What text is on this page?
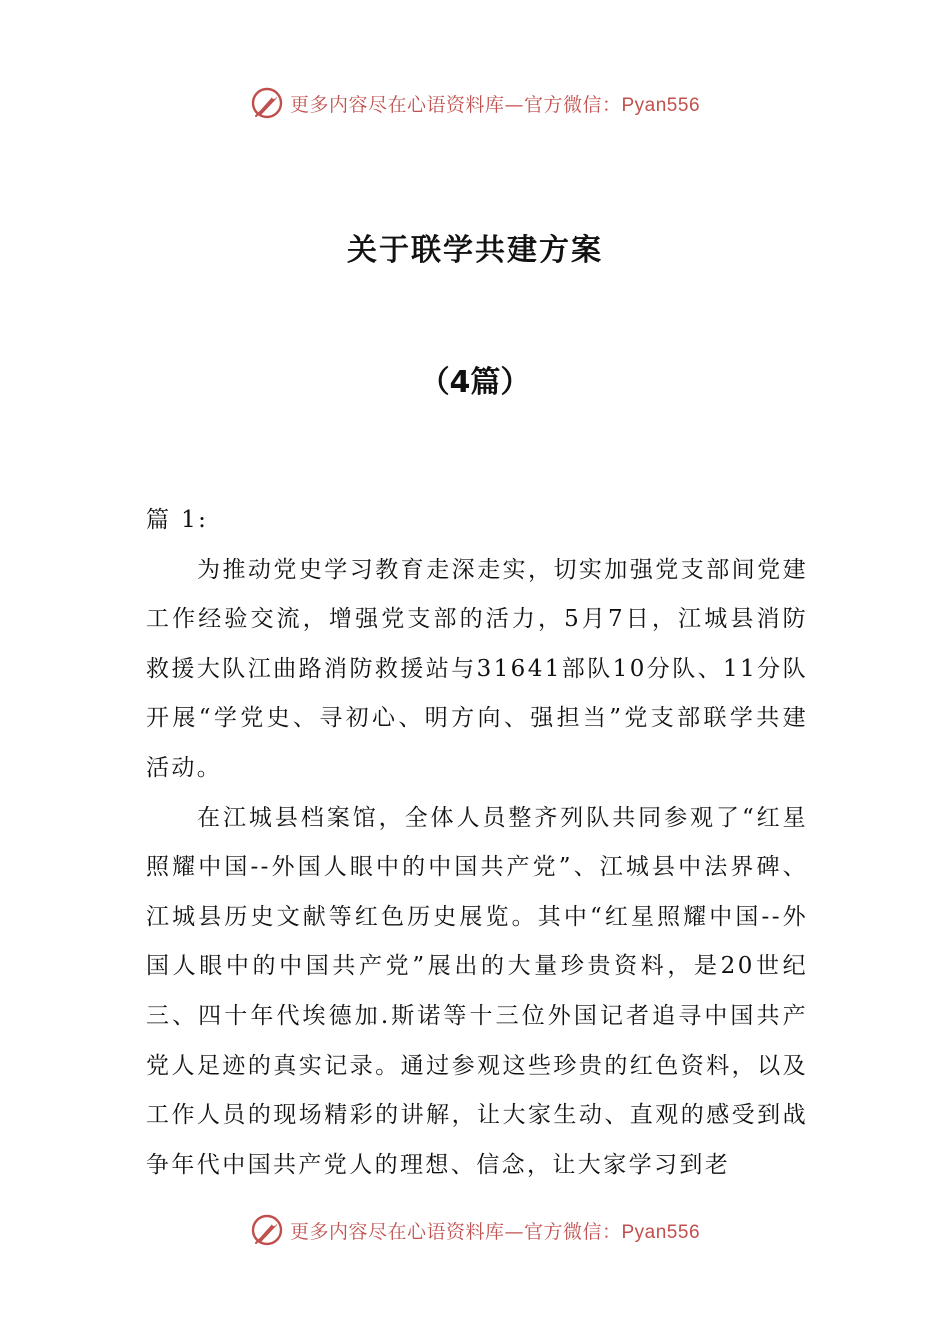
更多内容尽在心语资料库—官方微信：Pyan556
关于联学共建方案
（4篇）

篇 1:

为推动党史学习教育走深走实，切实加强党支部间党建工作经验交流，增强党支部的活力，5月7日，江城县消防救援大队江曲路消防救援站与31641部队10分队、11分队开展“学党史、寻初心、明方向、强担当”党支部联学共建活动。

在江城县档案馆，全体人员整齐列队共同参观了“红星照耀中国--外国人眼中的中国共产党”、江城县中法界碑、江城县历史文献等红色历史展览。其中“红星照耀中国--外国人眼中的中国共产党”展出的大量珍贵资料，是20世纪三、四十年代埃德加.斯诺等十三位外国记者追寻中国共产党人足迹的真实记录。通过参观这些珍贵的红色资料，以及工作人员的现场精彩的讲解，让大家生动、直观的感受到战争年代中国共产党人的理想、信念，让大家学习到老

更多内容尽在心语资料库—官方微信：Pyan556
